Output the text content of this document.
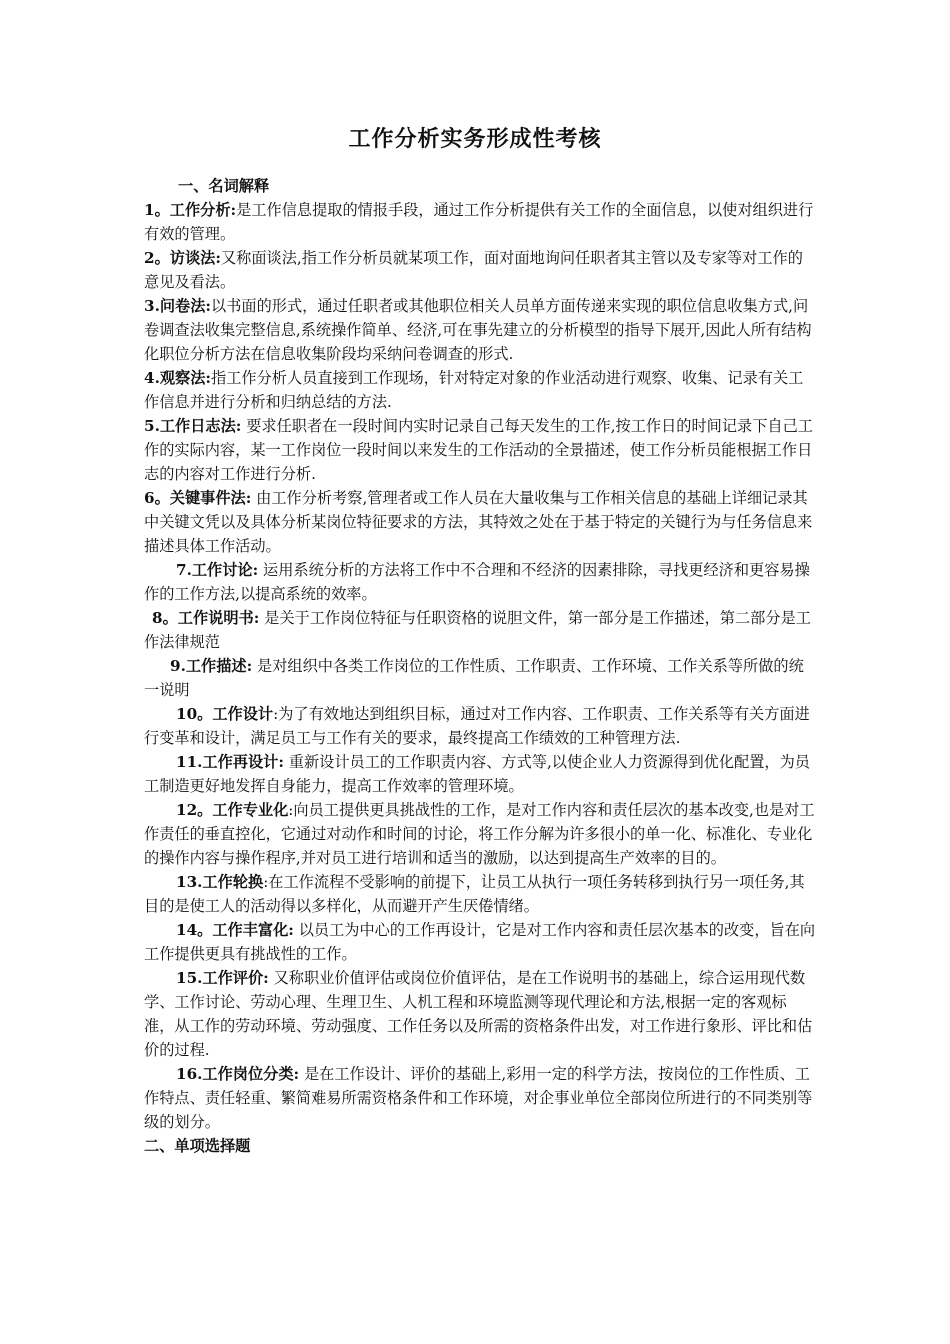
工作分析实务形成性考核

一、名词解释

1。工作分析:是工作信息提取的情报手段，通过工作分析提供有关工作的全面信息，以使对组织进行有效的管理。

2。访谈法:又称面谈法,指工作分析员就某项工作，面对面地询问任职者其主管以及专家等对工作的意见及看法。

3.问卷法:以书面的形式，通过任职者或其他职位相关人员单方面传递来实现的职位信息收集方式,问卷调查法收集完整信息,系统操作简单、经济,可在事先建立的分析模型的指导下展开,因此人所有结构化职位分析方法在信息收集阶段均采纳问卷调查的形式.

4.观察法:指工作分析人员直接到工作现场，针对特定对象的作业活动进行观察、收集、记录有关工作信息并进行分析和归纳总结的方法.

5.工作日志法: 要求任职者在一段时间内实时记录自己每天发生的工作,按工作日的时间记录下自己工作的实际内容，某一工作岗位一段时间以来发生的工作活动的全景描述，使工作分析员能根据工作日志的内容对工作进行分析.

6。关键事件法: 由工作分析考察,管理者或工作人员在大量收集与工作相关信息的基础上详细记录其中关键文凭以及具体分析某岗位特征要求的方法，其特效之处在于基于特定的关键行为与任务信息来描述具体工作活动。

7.工作讨论: 运用系统分析的方法将工作中不合理和不经济的因素排除，寻找更经济和更容易操作的工作方法,以提高系统的效率。

8。工作说明书: 是关于工作岗位特征与任职资格的说胆文件，第一部分是工作描述，第二部分是工作法律规范

9.工作描述: 是对组织中各类工作岗位的工作性质、工作职责、工作环境、工作关系等所做的统一说明

10。工作设计:为了有效地达到组织目标，通过对工作内容、工作职责、工作关系等有关方面进行变革和设计，满足员工与工作有关的要求，最终提高工作绩效的工种管理方法.

11.工作再设计: 重新设计员工的工作职责内容、方式等,以使企业人力资源得到优化配置，为员工制造更好地发挥自身能力，提高工作效率的管理环境。

12。工作专业化:向员工提供更具挑战性的工作，是对工作内容和责任层次的基本改变,也是对工作责任的垂直控化，它通过对动作和时间的讨论，将工作分解为许多很小的单一化、标准化、专业化的操作内容与操作程序,并对员工进行培训和适当的激励，以达到提高生产效率的目的。

13.工作轮换:在工作流程不受影响的前提下，让员工从执行一项任务转移到执行另一项任务,其目的是使工人的活动得以多样化，从而避开产生厌倦情绪。

14。工作丰富化: 以员工为中心的工作再设计，它是对工作内容和责任层次基本的改变，旨在向工作提供更具有挑战性的工作。

15.工作评价: 又称职业价值评估或岗位价值评估，是在工作说明书的基础上，综合运用现代数学、工作讨论、劳动心理、生理卫生、人机工程和环境监测等现代理论和方法,根据一定的客观标准，从工作的劳动环境、劳动强度、工作任务以及所需的资格条件出发，对工作进行象形、评比和估价的过程.

16.工作岗位分类: 是在工作设计、评价的基础上,彩用一定的科学方法，按岗位的工作性质、工作特点、责任轻重、繁简难易所需资格条件和工作环境，对企事业单位全部岗位所进行的不同类别等级的划分。

二、单项选择题
